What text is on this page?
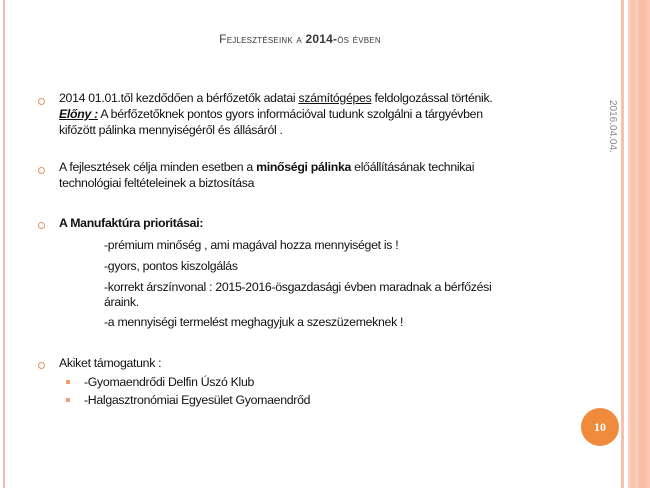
Fejlesztéseink a 2014-ös évben
2016.04.04.
2014 01.01.től kezdődően a bérfőzetők adatai számítógépes feldolgozással történik.
Előny : A bérfőzetőknek pontos gyors információval tudunk szolgálni a tárgyévben
kifőzött pálinka mennyiségéről és állásáról .
A fejlesztések célja minden esetben a minőségi pálinka előállításának technikai
technológiai feltételeinek a biztosítása
A Manufaktúra prioritásai:
-prémium minőség , ami magával hozza mennyiséget is !
-gyors, pontos kiszolgálás
-korrekt árszínvonal : 2015-2016-ösgazdasági évben maradnak a bérfőzési
áraink.
-a mennyiségi termelést meghagyjuk a szeszüzemeknek !
Akiket támogatunk :
-Gyomaendrődi Delfin Úszó Klub
-Halgasztronómiai Egyesület Gyomaendrőd
10
